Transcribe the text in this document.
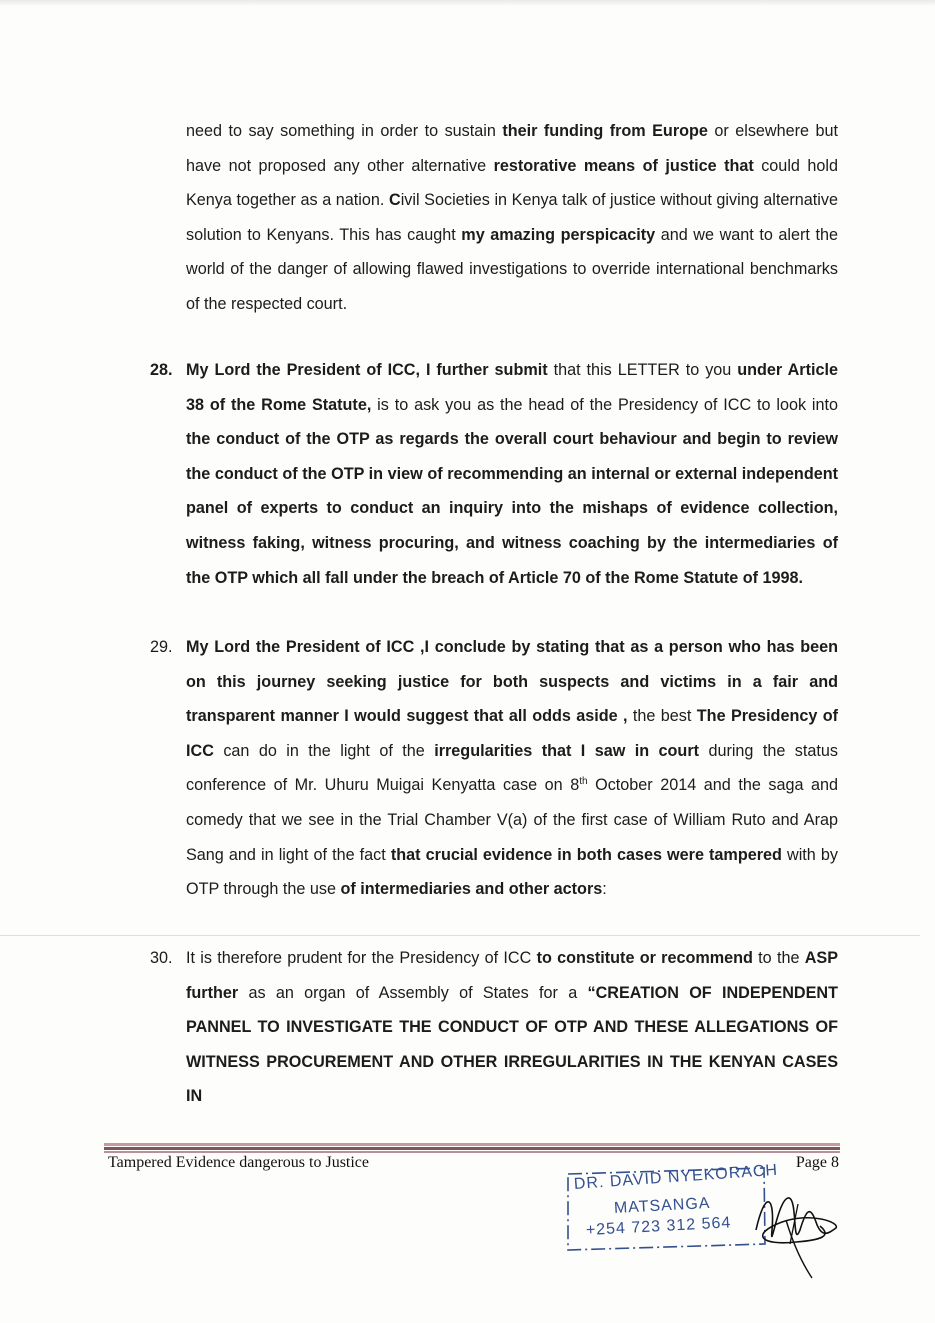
need to say something in order to sustain their funding from Europe or elsewhere but have not proposed any other alternative restorative means of justice that could hold Kenya together as a nation. Civil Societies in Kenya talk of justice without giving alternative solution to Kenyans. This has caught my amazing perspicacity and we want to alert the world of the danger of allowing flawed investigations to override international benchmarks of the respected court.
28. My Lord the President of ICC, I further submit that this LETTER to you under Article 38 of the Rome Statute, is to ask you as the head of the Presidency of ICC to look into the conduct of the OTP as regards the overall court behaviour and begin to review the conduct of the OTP in view of recommending an internal or external independent panel of experts to conduct an inquiry into the mishaps of evidence collection, witness faking, witness procuring, and witness coaching by the intermediaries of the OTP which all fall under the breach of Article 70 of the Rome Statute of 1998.
29. My Lord the President of ICC ,I conclude by stating that as a person who has been on this journey seeking justice for both suspects and victims in a fair and transparent manner I would suggest that all odds aside , the best The Presidency of ICC can do in the light of the irregularities that I saw in court during the status conference of Mr. Uhuru Muigai Kenyatta case on 8th October 2014 and the saga and comedy that we see in the Trial Chamber V(a) of the first case of William Ruto and Arap Sang and in light of the fact that crucial evidence in both cases were tampered with by OTP through the use of intermediaries and other actors:
30. It is therefore prudent for the Presidency of ICC to constitute or recommend to the ASP further as an organ of Assembly of States for a “CREATION OF INDEPENDENT PANNEL TO INVESTIGATE THE CONDUCT OF OTP AND THESE ALLEGATIONS OF WITNESS PROCUREMENT AND OTHER IRREGULARITIES IN THE KENYAN CASES IN
Tampered Evidence dangerous to Justice	Page 8
DR. DAVID NYEKORACH
MATSANGA
+254 723 312 564
